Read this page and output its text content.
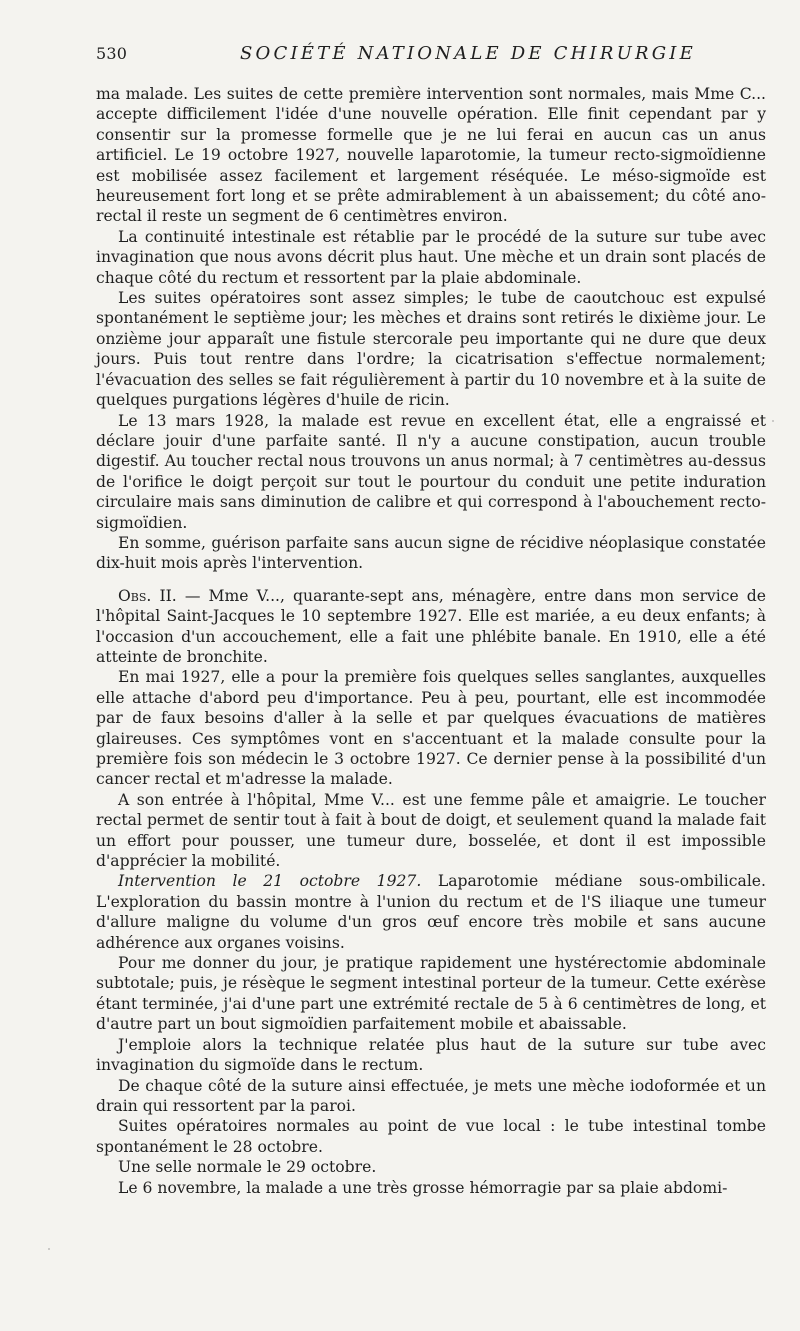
530	SOCIÉTÉ NATIONALE DE CHIRURGIE

ma malade. Les suites de cette première intervention sont normales, mais Mme C... accepte difficilement l'idée d'une nouvelle opération. Elle finit cependant par y consentir sur la promesse formelle que je ne lui ferai en aucun cas un anus artificiel. Le 19 octobre 1927, nouvelle laparotomie, la tumeur recto-sigmoïdienne est mobilisée assez facilement et largement réséquée. Le méso-sigmoïde est heureusement fort long et se prête admirablement à un abaissement; du côté ano-rectal il reste un segment de 6 centimètres environ.

La continuité intestinale est rétablie par le procédé de la suture sur tube avec invagination que nous avons décrit plus haut. Une mèche et un drain sont placés de chaque côté du rectum et ressortent par la plaie abdominale.

Les suites opératoires sont assez simples; le tube de caoutchouc est expulsé spontanément le septième jour; les mèches et drains sont retirés le dixième jour. Le onzième jour apparaît une fistule stercorale peu importante qui ne dure que deux jours. Puis tout rentre dans l'ordre; la cicatrisation s'effectue normalement; l'évacuation des selles se fait régulièrement à partir du 10 novembre et à la suite de quelques purgations légères d'huile de ricin.

Le 13 mars 1928, la malade est revue en excellent état, elle a engraissé et déclare jouir d'une parfaite santé. Il n'y a aucune constipation, aucun trouble digestif. Au toucher rectal nous trouvons un anus normal; à 7 centimètres au-dessus de l'orifice le doigt perçoit sur tout le pourtour du conduit une petite induration circulaire mais sans diminution de calibre et qui correspond à l'abouchement recto-sigmoïdien.

En somme, guérison parfaite sans aucun signe de récidive néoplasique constatée dix-huit mois après l'intervention.

Obs. II. — Mme V..., quarante-sept ans, ménagère, entre dans mon service de l'hôpital Saint-Jacques le 10 septembre 1927. Elle est mariée, a eu deux enfants; à l'occasion d'un accouchement, elle a fait une phlébite banale. En 1910, elle a été atteinte de bronchite.

En mai 1927, elle a pour la première fois quelques selles sanglantes, auxquelles elle attache d'abord peu d'importance. Peu à peu, pourtant, elle est incommodée par de faux besoins d'aller à la selle et par quelques évacuations de matières glaireuses. Ces symptômes vont en s'accentuant et la malade consulte pour la première fois son médecin le 3 octobre 1927. Ce dernier pense à la possibilité d'un cancer rectal et m'adresse la malade.

A son entrée à l'hôpital, Mme V... est une femme pâle et amaigrie. Le toucher rectal permet de sentir tout à fait à bout de doigt, et seulement quand la malade fait un effort pour pousser, une tumeur dure, bosselée, et dont il est impossible d'apprécier la mobilité.

Intervention le 21 octobre 1927. Laparotomie médiane sous-ombilicale. L'exploration du bassin montre à l'union du rectum et de l'S iliaque une tumeur d'allure maligne du volume d'un gros œuf encore très mobile et sans aucune adhérence aux organes voisins.

Pour me donner du jour, je pratique rapidement une hystérectomie abdominale subtotale; puis, je résèque le segment intestinal porteur de la tumeur. Cette exérèse étant terminée, j'ai d'une part une extrémité rectale de 5 à 6 centimètres de long, et d'autre part un bout sigmoïdien parfaitement mobile et abaissable.

J'emploie alors la technique relatée plus haut de la suture sur tube avec invagination du sigmoïde dans le rectum.

De chaque côté de la suture ainsi effectuée, je mets une mèche iodoformée et un drain qui ressortent par la paroi.

Suites opératoires normales au point de vue local : le tube intestinal tombe spontanément le 28 octobre.

Une selle normale le 29 octobre.

Le 6 novembre, la malade a une très grosse hémorragie par sa plaie abdomi-
